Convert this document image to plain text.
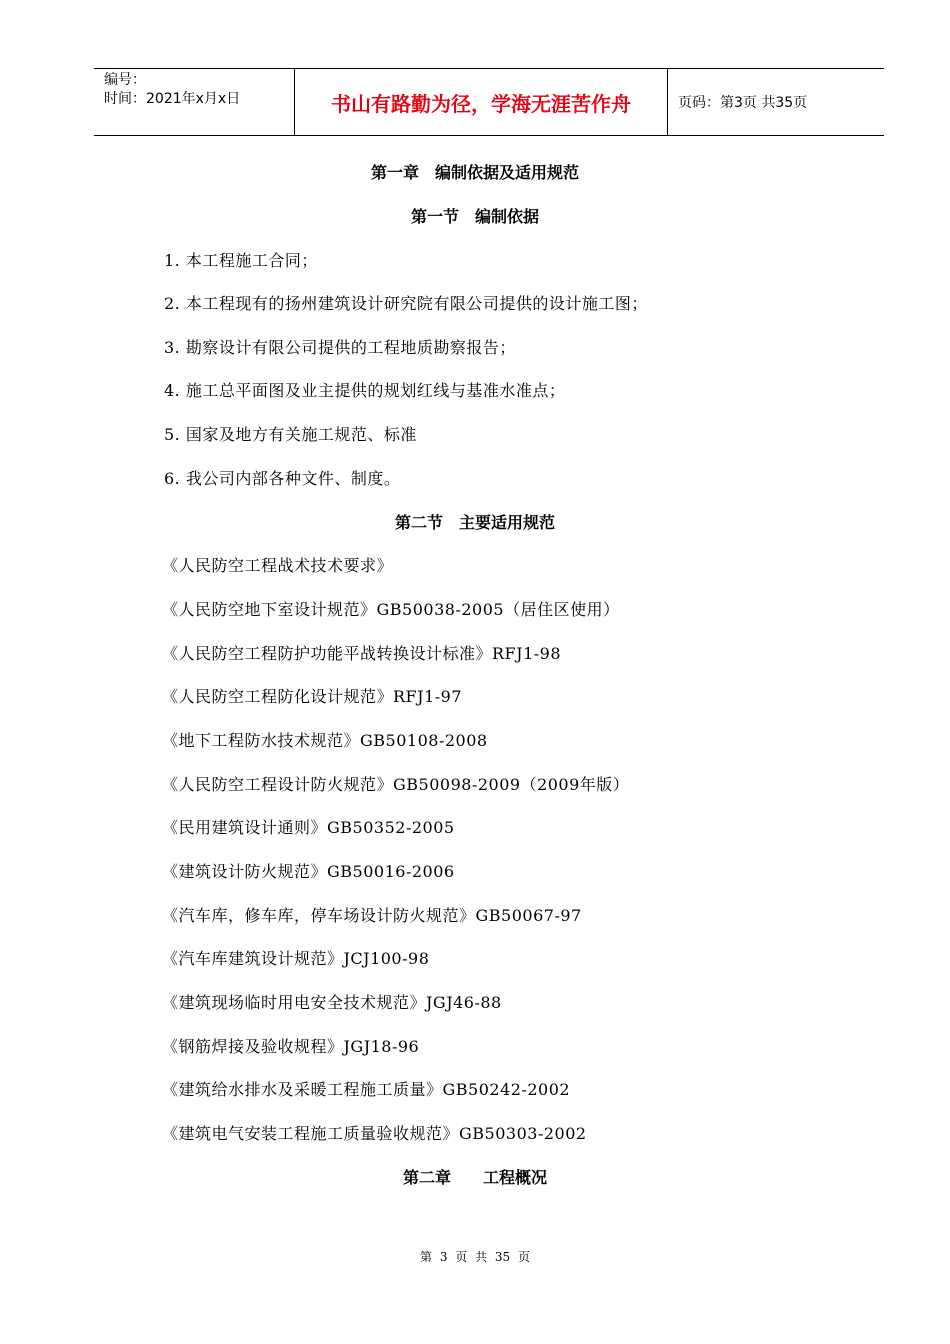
编号：
时间：2021年x月x日	书山有路勤为径，学海无涯苦作舟	页码：第3页 共35页
第一章　编制依据及适用规范
第一节　编制依据
1. 本工程施工合同；
2. 本工程现有的扬州建筑设计研究院有限公司提供的设计施工图；
3. 勘察设计有限公司提供的工程地质勘察报告；
4. 施工总平面图及业主提供的规划红线与基准水准点；
5. 国家及地方有关施工规范、标准
6. 我公司内部各种文件、制度。
第二节　主要适用规范
《人民防空工程战术技术要求》
《人民防空地下室设计规范》GB50038-2005（居住区使用）
《人民防空工程防护功能平战转换设计标准》RFJ1-98
《人民防空工程防化设计规范》RFJ1-97
《地下工程防水技术规范》GB50108-2008
《人民防空工程设计防火规范》GB50098-2009（2009年版）
《民用建筑设计通则》GB50352-2005
《建筑设计防火规范》GB50016-2006
《汽车库，修车库，停车场设计防火规范》GB50067-97
《汽车库建筑设计规范》JCJ100-98
《建筑现场临时用电安全技术规范》JGJ46-88
《钢筋焊接及验收规程》JGJ18-96
《建筑给水排水及采暖工程施工质量》GB50242-2002
《建筑电气安装工程施工质量验收规范》GB50303-2002
第二章　　工程概况
第 3 页 共 35 页
